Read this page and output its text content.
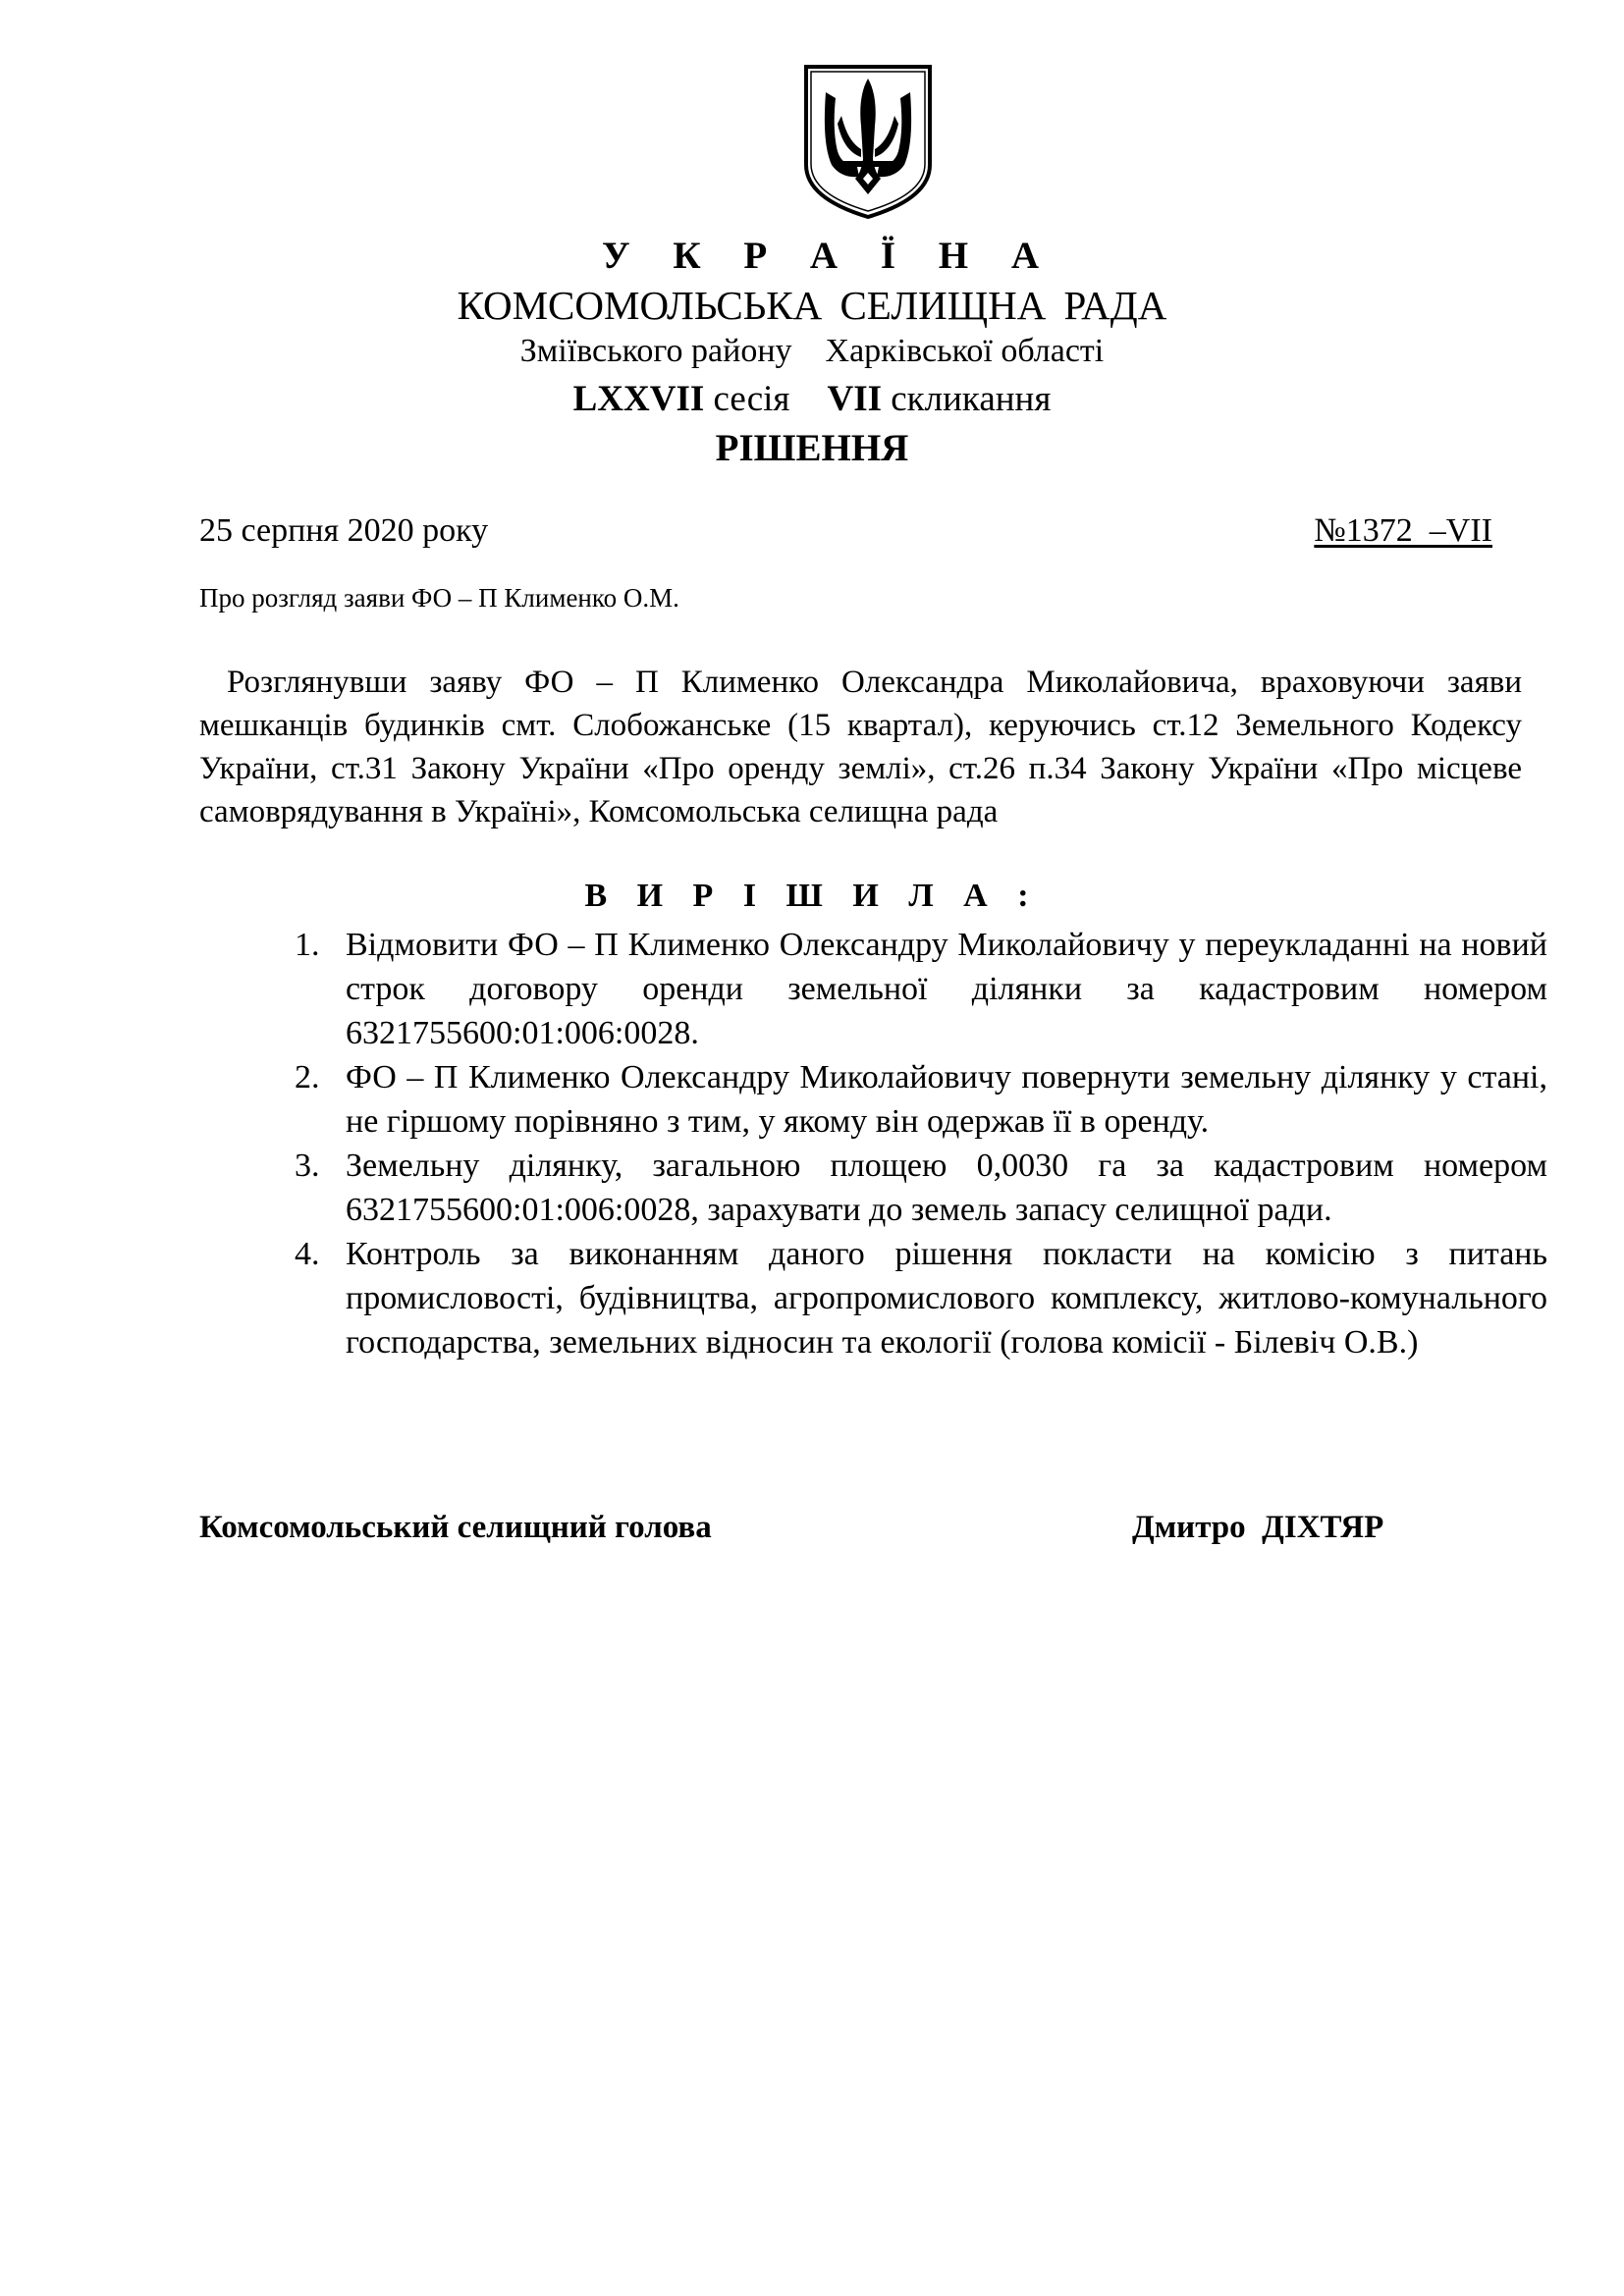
У К Р А Ї Н А
КОМСОМОЛЬСЬКА СЕЛИЩНА РАДА
Зміївського району Харківської області
LXXVII сесія VII скликання
РІШЕННЯ
25 серпня 2020 року	№1372  –VII
Про розгляд заяви ФО – П Клименко О.М.

Розглянувши заяву ФО – П Клименко Олександра Миколайовича, враховуючи заяви мешканців будинків смт. Слобожанське (15 квартал), керуючись ст.12 Земельного Кодексу України, ст.31 Закону України «Про оренду землі», ст.26 п.34 Закону України «Про місцеве самоврядування в Україні», Комсомольська селищна рада

В И Р І Ш И Л А :
1. Відмовити ФО – П Клименко Олександру Миколайовичу у переукладанні на новий строк договору оренди земельної ділянки за кадастровим номером 6321755600:01:006:0028.
2. ФО – П Клименко Олександру Миколайовичу повернути земельну ділянку у стані, не гіршому порівняно з тим, у якому він одержав її в оренду.
3. Земельну ділянку, загальною площею 0,0030 га за кадастровим номером 6321755600:01:006:0028, зарахувати до земель запасу селищної ради.
4. Контроль за виконанням даного рішення покласти на комісію з питань промисловості, будівництва, агропромислового комплексу, житлово-комунального господарства, земельних відносин та екології (голова комісії - Білевіч О.В.)
Комсомольський селищний голова	Дмитро  ДІХТЯР
